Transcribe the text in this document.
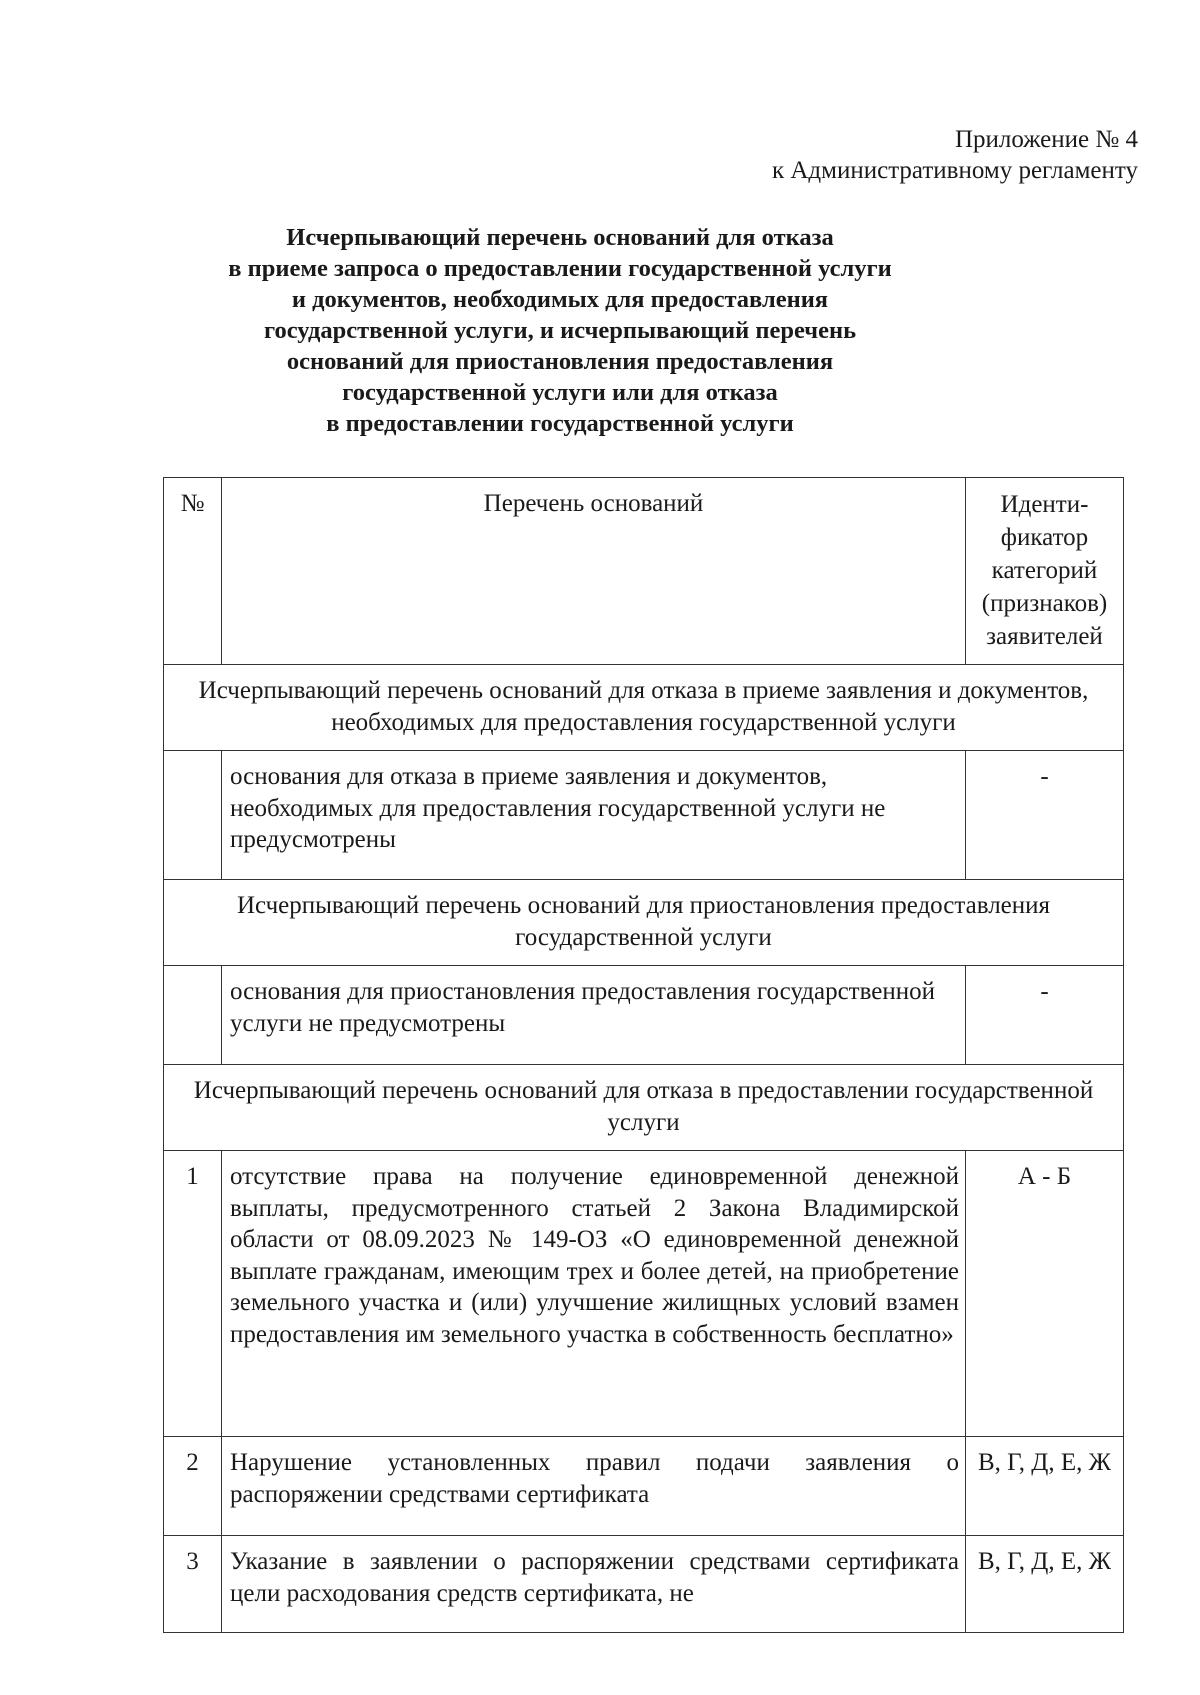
Приложение № 4
к Административному регламенту
Исчерпывающий перечень оснований для отказа
в приеме запроса о предоставлении государственной услуги
и документов, необходимых для предоставления
государственной услуги, и исчерпывающий перечень
оснований для приостановления предоставления
государственной услуги или для отказа
в предоставлении государственной услуги
№	Перечень оснований	Иденти-
фикатор
категорий
(признаков)
заявителей

Исчерпывающий перечень оснований для отказа в приеме заявления и документов, необходимых для предоставления государственной услуги		
	основания для отказа в приеме заявления и документов, необходимых для предоставления государственной услуги не предусмотрены	-
Исчерпывающий перечень оснований для приостановления предоставления государственной услуги		
	основания для приостановления предоставления государственной услуги не предусмотрены	-
Исчерпывающий перечень оснований для отказа в предоставлении государственной услуги		
1	отсутствие права на получение единовременной денежной выплаты, предусмотренного статьей 2 Закона Владимирской области от 08.09.2023 № 149-ОЗ «О единовременной денежной выплате гражданам, имеющим трех и более детей, на приобретение земельного участка и (или) улучшение жилищных условий взамен предоставления им земельного участка в собственность бесплатно»	А - Б
2	Нарушение установленных правил подачи заявления о распоряжении средствами сертификата	В, Г, Д, Е, Ж
3	Указание в заявлении о распоряжении средствами сертификата цели расходования средств сертификата, не	В, Г, Д, Е, Ж
